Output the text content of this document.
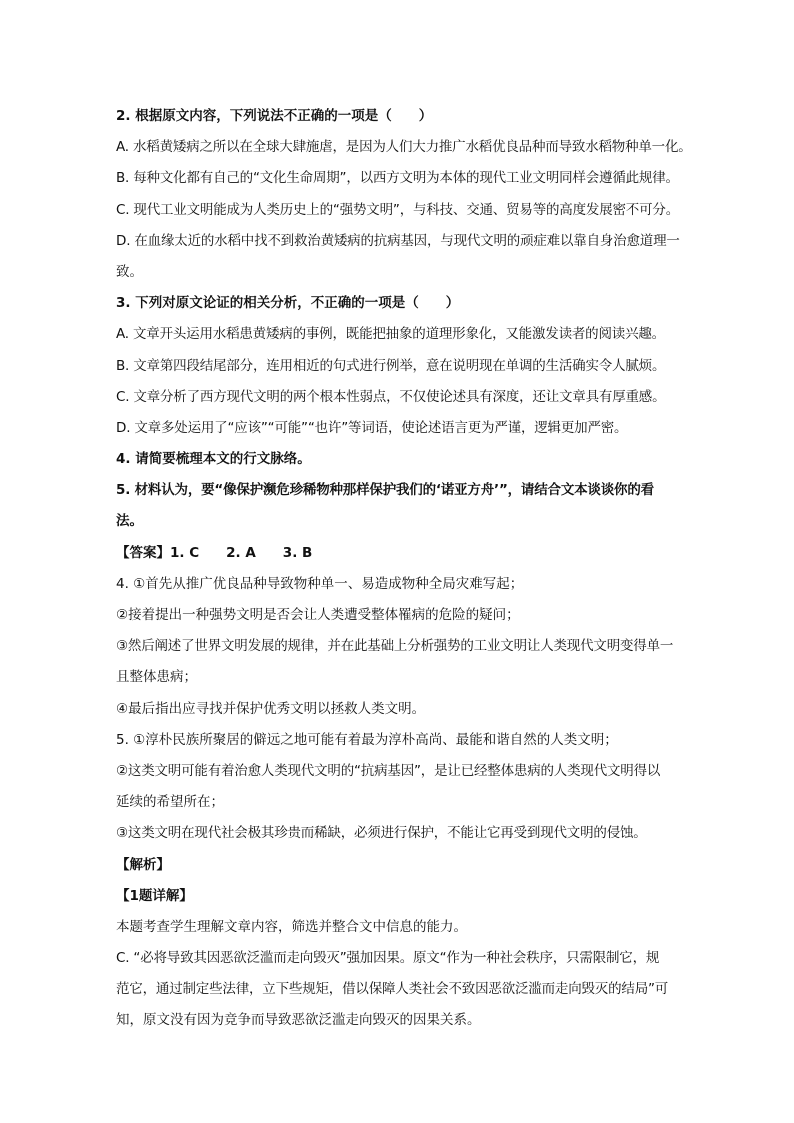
2. 根据原文内容，下列说法不正确的一项是（　　）
A. 水稻黄矮病之所以在全球大肆施虐，是因为人们大力推广水稻优良品种而导致水稻物种单一化。
B. 每种文化都有自己的“文化生命周期”，以西方文明为本体的现代工业文明同样会遵循此规律。
C. 现代工业文明能成为人类历史上的“强势文明”，与科技、交通、贸易等的高度发展密不可分。
D. 在血缘太近的水稻中找不到救治黄矮病的抗病基因，与现代文明的顽症难以靠自身治愈道理一
致。
3. 下列对原文论证的相关分析，不正确的一项是（　　）
A. 文章开头运用水稻患黄矮病的事例，既能把抽象的道理形象化，又能激发读者的阅读兴趣。
B. 文章第四段结尾部分，连用相近的句式进行例举，意在说明现在单调的生活确实令人腻烦。
C. 文章分析了西方现代文明的两个根本性弱点，不仅使论述具有深度，还让文章具有厚重感。
D. 文章多处运用了“应该”“可能”“也许”等词语，使论述语言更为严谨，逻辑更加严密。
4. 请简要梳理本文的行文脉络。
5. 材料认为，要“像保护濒危珍稀物种那样保护我们的‘诺亚方舟’”，请结合文本谈谈你的看
法。
【答案】1. C　　2. A　　3. B
4. ①首先从推广优良品种导致物种单一、易造成物种全局灾难写起；
②接着提出一种强势文明是否会让人类遭受整体罹病的危险的疑问；
③然后阐述了世界文明发展的规律，并在此基础上分析强势的工业文明让人类现代文明变得单一
且整体患病；
④最后指出应寻找并保护优秀文明以拯救人类文明。
5. ①淳朴民族所聚居的僻远之地可能有着最为淳朴高尚、最能和谐自然的人类文明；
②这类文明可能有着治愈人类现代文明的“抗病基因”，是让已经整体患病的人类现代文明得以
延续的希望所在；
③这类文明在现代社会极其珍贵而稀缺，必须进行保护，不能让它再受到现代文明的侵蚀。
【解析】
【1题详解】
本题考查学生理解文章内容，筛选并整合文中信息的能力。
C. “必将导致其因恶欲泛滥而走向毁灭”强加因果。原文“作为一种社会秩序，只需限制它，规
范它，通过制定些法律，立下些规矩，借以保障人类社会不致因恶欲泛滥而走向毁灭的结局”可
知，原文没有因为竞争而导致恶欲泛滥走向毁灭的因果关系。
